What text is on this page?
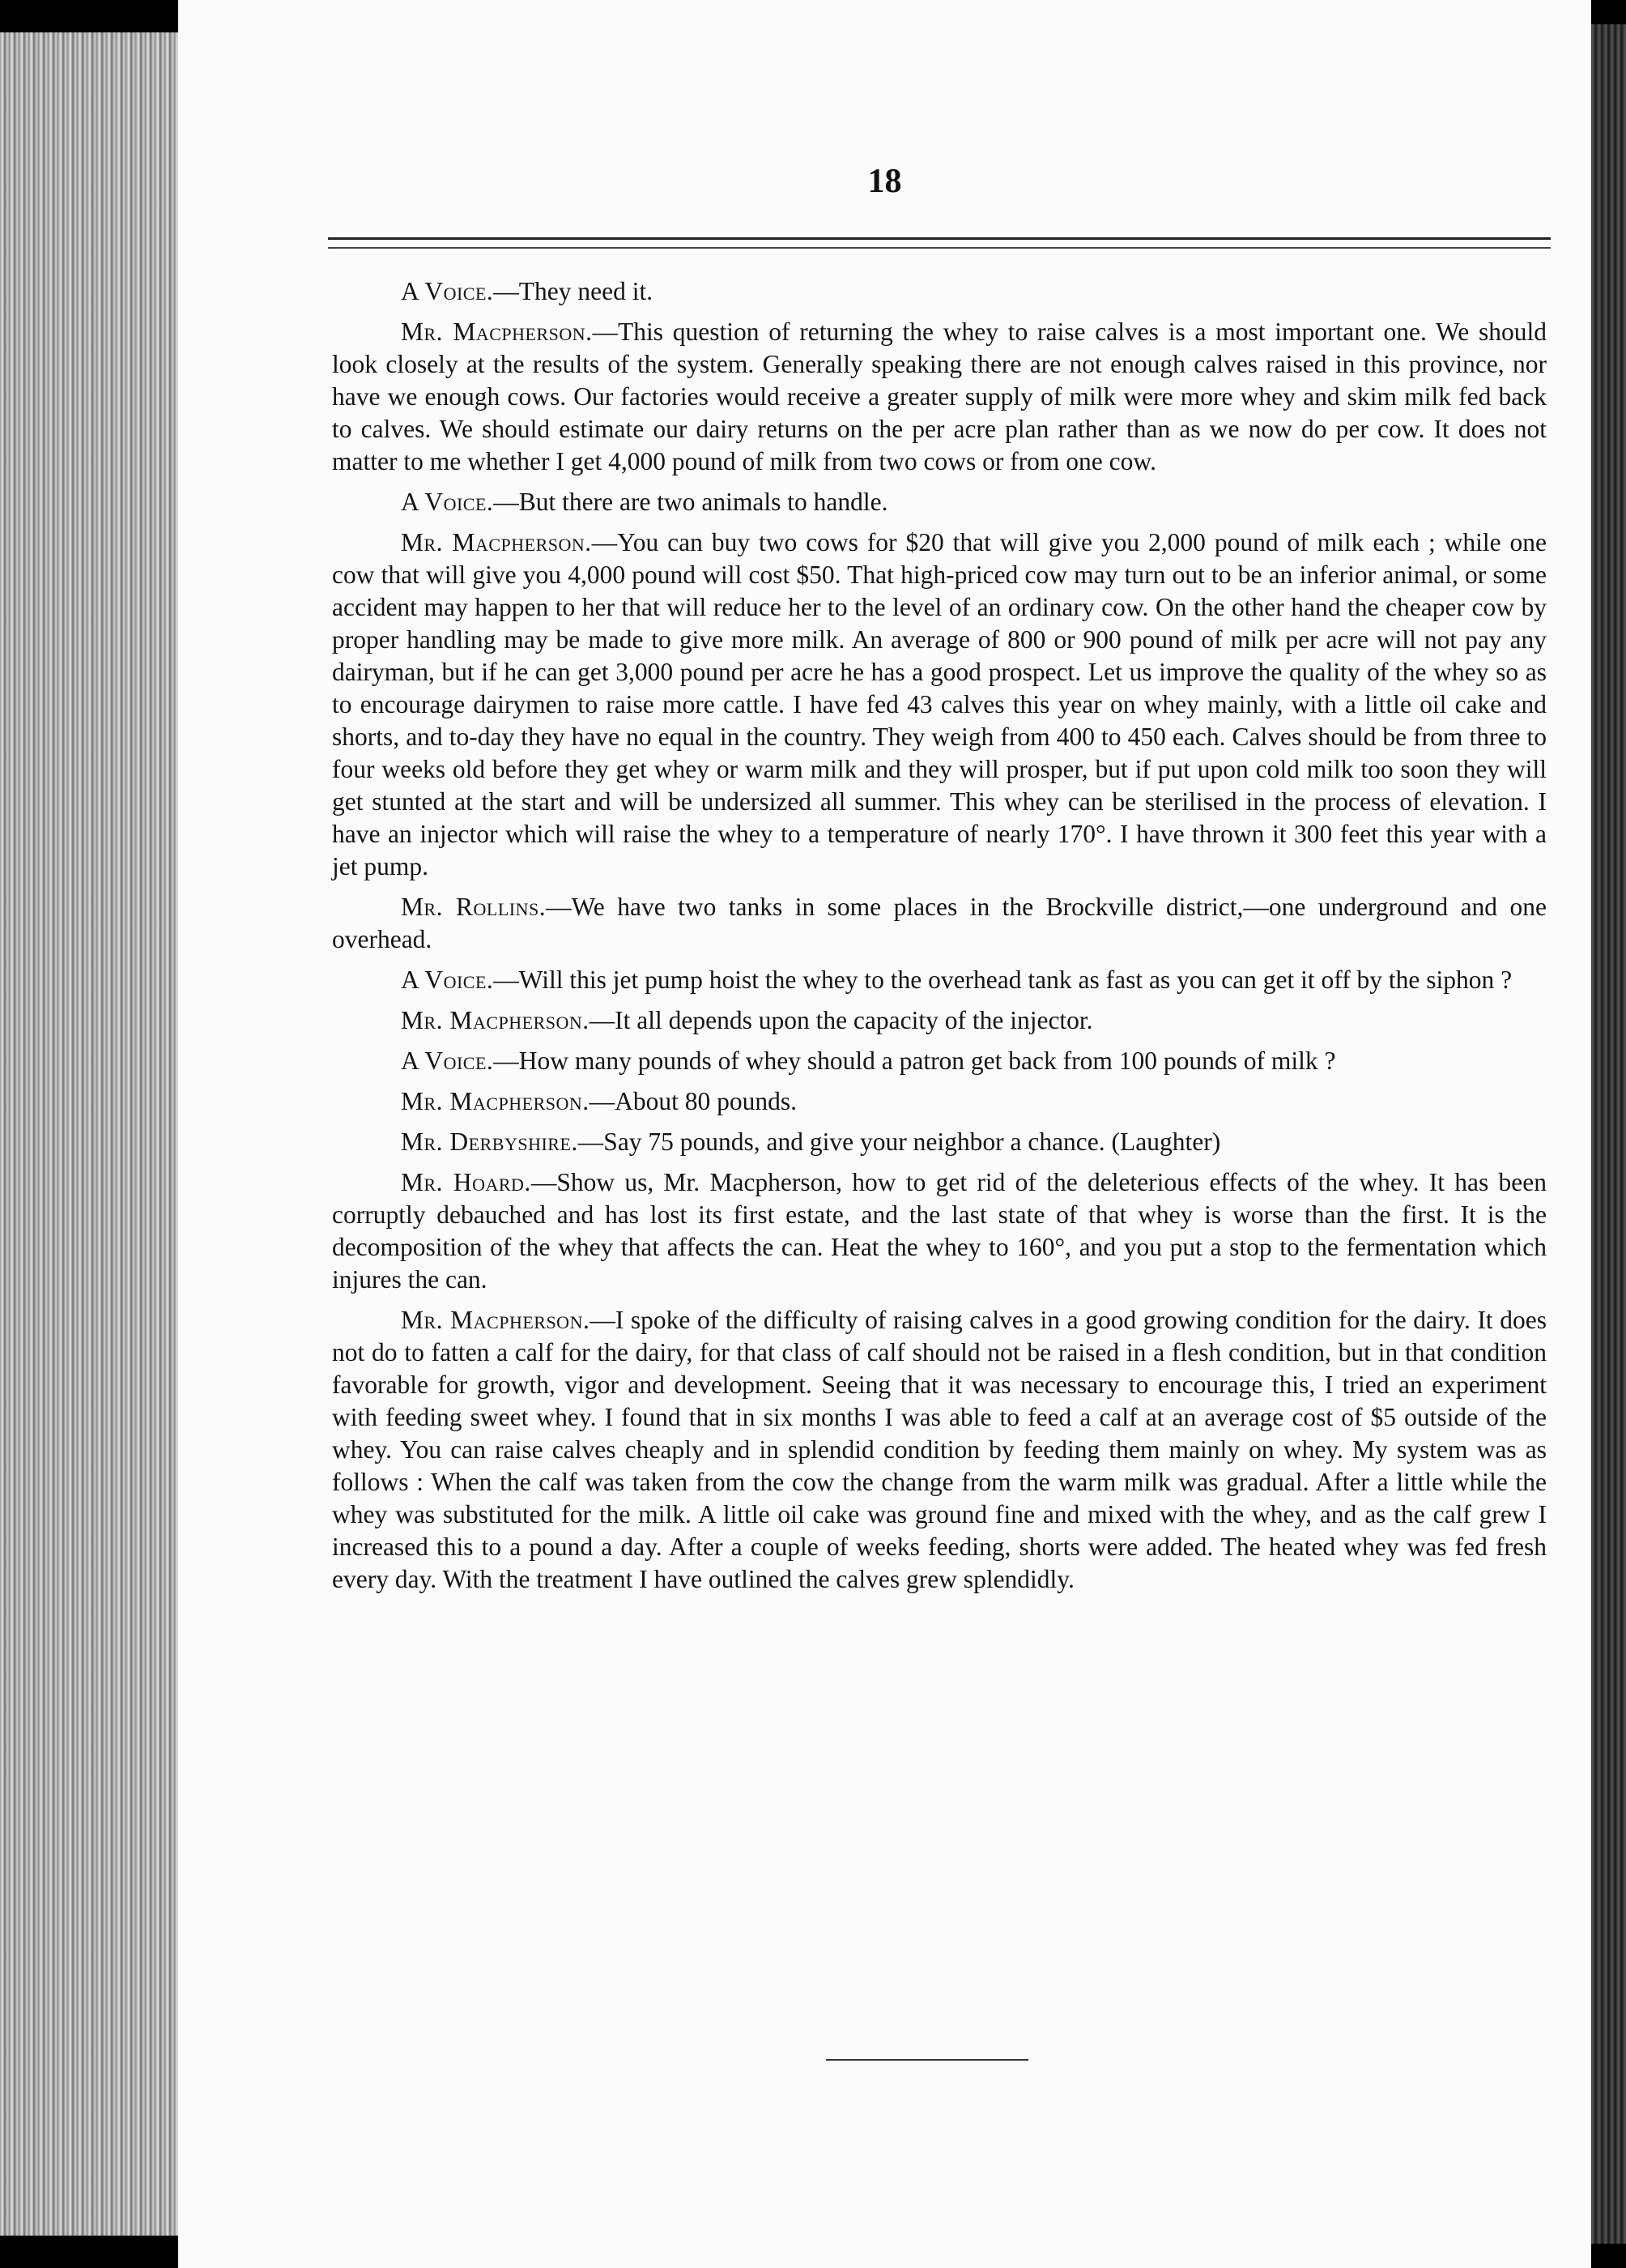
18

A Voice.—They need it.

Mr. Macpherson.—This question of returning the whey to raise calves is a most important one. We should look closely at the results of the system. Generally speaking there are not enough calves raised in this province, nor have we enough cows. Our factories would receive a greater supply of milk were more whey and skim milk fed back to calves. We should estimate our dairy returns on the per acre plan rather than as we now do per cow. It does not matter to me whether I get 4,000 pound of milk from two cows or from one cow.

A Voice.—But there are two animals to handle.

Mr. Macpherson.—You can buy two cows for $20 that will give you 2,000 pound of milk each ; while one cow that will give you 4,000 pound will cost $50. That high-priced cow may turn out to be an inferior animal, or some accident may happen to her that will reduce her to the level of an ordinary cow. On the other hand the cheaper cow by proper handling may be made to give more milk. An average of 800 or 900 pound of milk per acre will not pay any dairyman, but if he can get 3,000 pound per acre he has a good prospect. Let us improve the quality of the whey so as to encourage dairymen to raise more cattle. I have fed 43 calves this year on whey mainly, with a little oil cake and shorts, and to-day they have no equal in the country. They weigh from 400 to 450 each. Calves should be from three to four weeks old before they get whey or warm milk and they will prosper, but if put upon cold milk too soon they will get stunted at the start and will be undersized all summer. This whey can be sterilised in the process of elevation. I have an injector which will raise the whey to a temperature of nearly 170°. I have thrown it 300 feet this year with a jet pump.

Mr. Rollins.—We have two tanks in some places in the Brockville district,—one underground and one overhead.

A Voice.—Will this jet pump hoist the whey to the overhead tank as fast as you can get it off by the siphon ?

Mr. Macpherson.—It all depends upon the capacity of the injector.

A Voice.—How many pounds of whey should a patron get back from 100 pounds of milk ?

Mr. Macpherson.—About 80 pounds.

Mr. Derbyshire.—Say 75 pounds, and give your neighbor a chance. (Laughter)

Mr. Hoard.—Show us, Mr. Macpherson, how to get rid of the deleterious effects of the whey. It has been corruptly debauched and has lost its first estate, and the last state of that whey is worse than the first. It is the decomposition of the whey that affects the can. Heat the whey to 160°, and you put a stop to the fermentation which injures the can.

Mr. Macpherson.—I spoke of the difficulty of raising calves in a good growing condition for the dairy. It does not do to fatten a calf for the dairy, for that class of calf should not be raised in a flesh condition, but in that condition favorable for growth, vigor and development. Seeing that it was necessary to encourage this, I tried an experiment with feeding sweet whey. I found that in six months I was able to feed a calf at an average cost of $5 outside of the whey. You can raise calves cheaply and in splendid condition by feeding them mainly on whey. My system was as follows : When the calf was taken from the cow the change from the warm milk was gradual. After a little while the whey was substituted for the milk. A little oil cake was ground fine and mixed with the whey, and as the calf grew I increased this to a pound a day. After a couple of weeks feeding, shorts were added. The heated whey was fed fresh every day. With the treatment I have outlined the calves grew splendidly.
